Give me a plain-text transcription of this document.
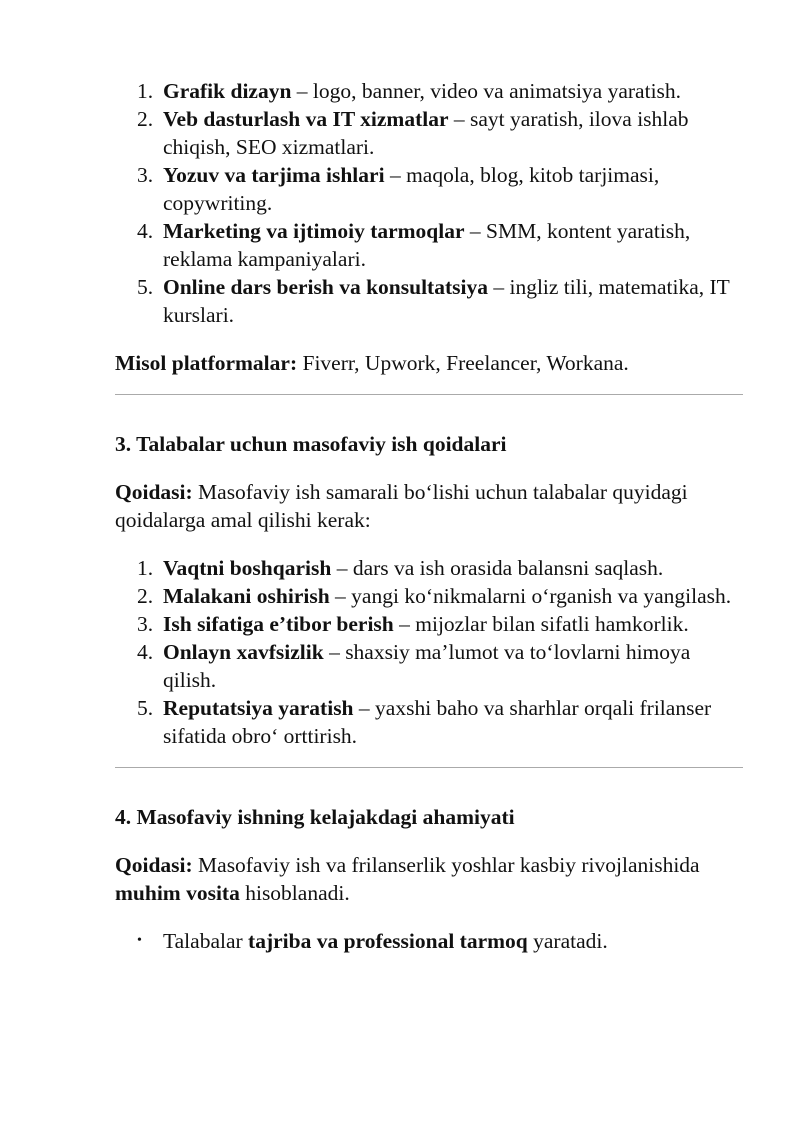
1. Grafik dizayn – logo, banner, video va animatsiya yaratish.
2. Veb dasturlash va IT xizmatlar – sayt yaratish, ilova ishlab chiqish, SEO xizmatlari.
3. Yozuv va tarjima ishlari – maqola, blog, kitob tarjimasi, copywriting.
4. Marketing va ijtimoiy tarmoqlar – SMM, kontent yaratish, reklama kampaniyalari.
5. Online dars berish va konsultatsiya – ingliz tili, matematika, IT kurslari.

Misol platformalar: Fiverr, Upwork, Freelancer, Workana.

3. Talabalar uchun masofaviy ish qoidalari

Qoidasi: Masofaviy ish samarali bo‘lishi uchun talabalar quyidagi qoidalarga amal qilishi kerak:

1. Vaqtni boshqarish – dars va ish orasida balansni saqlash.
2. Malakani oshirish – yangi ko‘nikmalarni o‘rganish va yangilash.
3. Ish sifatiga e’tibor berish – mijozlar bilan sifatli hamkorlik.
4. Onlayn xavfsizlik – shaxsiy ma’lumot va to‘lovlarni himoya qilish.
5. Reputatsiya yaratish – yaxshi baho va sharhlar orqali frilanser sifatida obro‘ orttirish.
4. Masofaviy ishning kelajakdagi ahamiyati

Qoidasi: Masofaviy ish va frilanserlik yoshlar kasbiy rivojlanishida muhim vosita hisoblanadi.

• Talabalar tajriba va professional tarmoq yaratadi.
